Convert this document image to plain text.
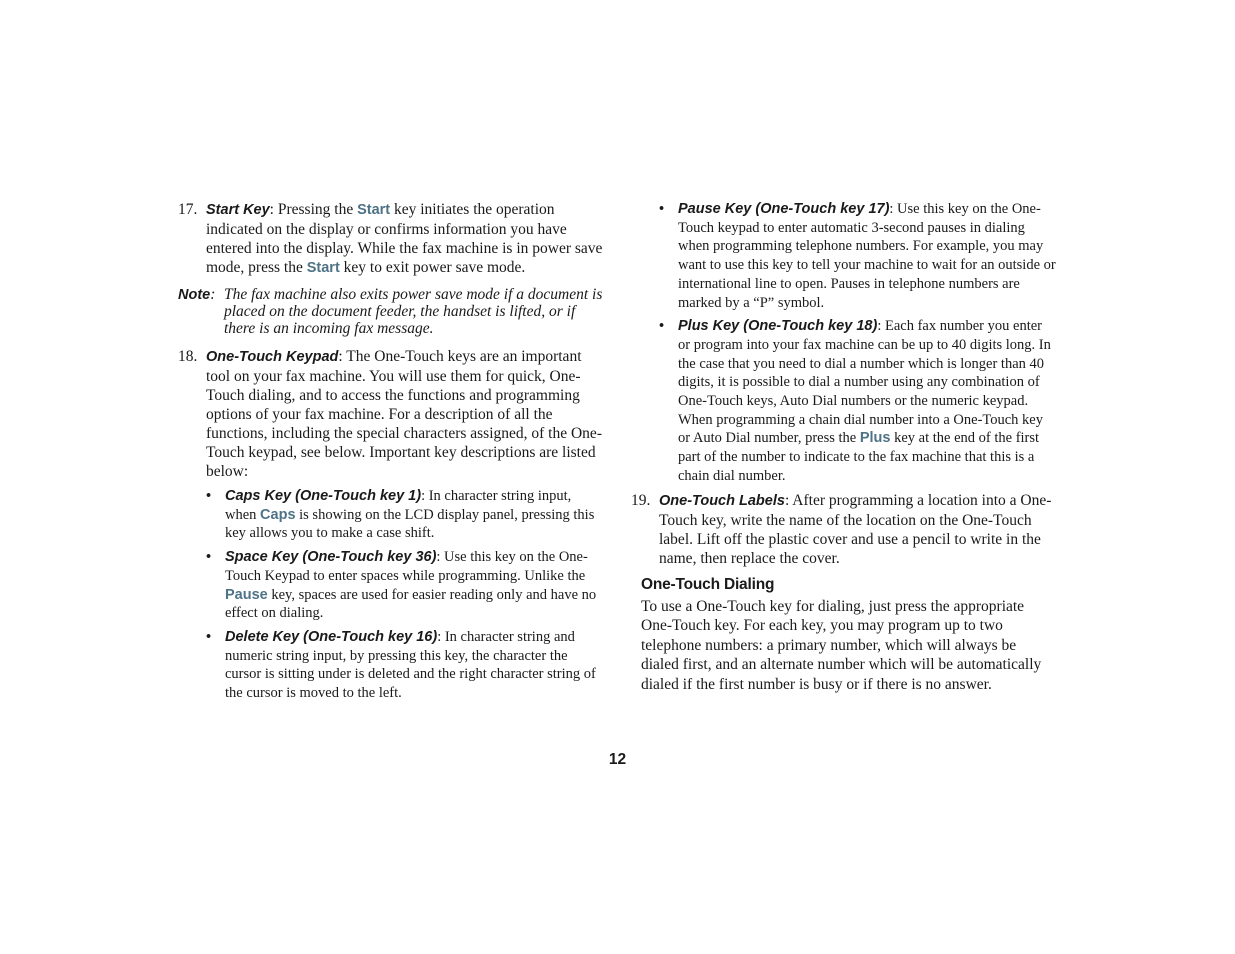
17. Start Key: Pressing the Start key initiates the operation indicated on the display or confirms information you have entered into the display. While the fax machine is in power save mode, press the Start key to exit power save mode.
Note: The fax machine also exits power save mode if a document is placed on the document feeder, the handset is lifted, or if there is an incoming fax message.
18. One-Touch Keypad: The One-Touch keys are an important tool on your fax machine. You will use them for quick, One-Touch dialing, and to access the functions and programming options of your fax machine. For a description of all the functions, including the special characters assigned, of the One-Touch keypad, see below. Important key descriptions are listed below:
• Caps Key (One-Touch key 1): In character string input, when Caps is showing on the LCD display panel, pressing this key allows you to make a case shift.
• Space Key (One-Touch key 36): Use this key on the One-Touch Keypad to enter spaces while programming. Unlike the Pause key, spaces are used for easier reading only and have no effect on dialing.
• Delete Key (One-Touch key 16): In character string and numeric string input, by pressing this key, the character the cursor is sitting under is deleted and the right character string of the cursor is moved to the left.
• Pause Key (One-Touch key 17): Use this key on the One-Touch keypad to enter automatic 3-second pauses in dialing when programming telephone numbers. For example, you may want to use this key to tell your machine to wait for an outside or international line to open. Pauses in telephone numbers are marked by a “P” symbol.
• Plus Key (One-Touch key 18): Each fax number you enter or program into your fax machine can be up to 40 digits long. In the case that you need to dial a number which is longer than 40 digits, it is possible to dial a number using any combination of One-Touch keys, Auto Dial numbers or the numeric keypad. When programming a chain dial number into a One-Touch key or Auto Dial number, press the Plus key at the end of the first part of the number to indicate to the fax machine that this is a chain dial number.
19. One-Touch Labels: After programming a location into a One-Touch key, write the name of the location on the One-Touch label. Lift off the plastic cover and use a pencil to write in the name, then replace the cover.
One-Touch Dialing
To use a One-Touch key for dialing, just press the appropriate One-Touch key. For each key, you may program up to two telephone numbers: a primary number, which will always be dialed first, and an alternate number which will be automatically dialed if the first number is busy or if there is no answer.
12
